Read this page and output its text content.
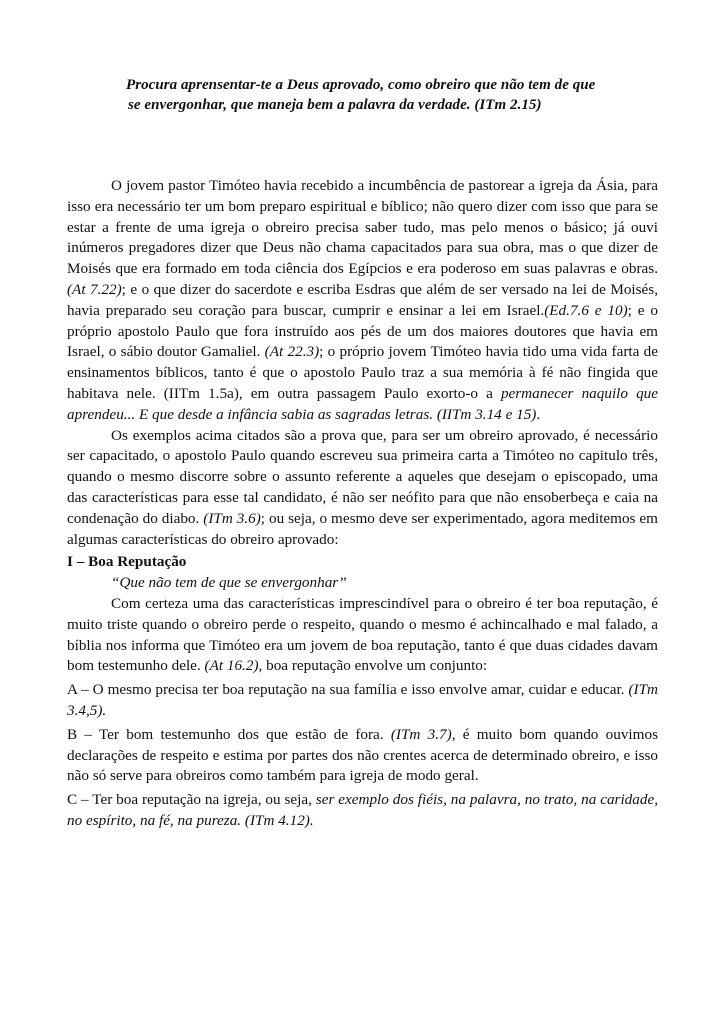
Procura aprensentar-te a Deus aprovado, como obreiro que não tem de que

se envergonhar, que maneja bem a palavra da verdade. (ITm 2.15)

O jovem pastor Timóteo havia recebido a incumbência de pastorear a igreja da Ásia, para isso era necessário ter um bom preparo espiritual e bíblico; não quero dizer com isso que para se estar a frente de uma igreja o obreiro precisa saber tudo, mas pelo menos o básico; já ouvi inúmeros pregadores dizer que Deus não chama capacitados para sua obra, mas o que dizer de Moisés que era formado em toda ciência dos Egípcios e era poderoso em suas palavras e obras. (At 7.22); e o que dizer do sacerdote e escriba Esdras que além de ser versado na lei de Moisés, havia preparado seu coração para buscar, cumprir e ensinar a lei em Israel.(Ed.7.6 e 10); e o próprio apostolo Paulo que fora instruído aos pés de um dos maiores doutores que havia em Israel, o sábio doutor Gamaliel. (At 22.3); o próprio jovem Timóteo havia tido uma vida farta de ensinamentos bíblicos, tanto é que o apostolo Paulo traz a sua memória à fé não fingida que habitava nele. (IITm 1.5a), em outra passagem Paulo exorto-o a permanecer naquilo que aprendeu... E que desde a infância sabia as sagradas letras. (IITm 3.14 e 15).

Os exemplos acima citados são a prova que, para ser um obreiro aprovado, é necessário ser capacitado, o apostolo Paulo quando escreveu sua primeira carta a Timóteo no capitulo três, quando o mesmo discorre sobre o assunto referente a aqueles que desejam o episcopado, uma das características para esse tal candidato, é não ser neófito para que não ensoberbeça e caia na condenação do diabo. (ITm 3.6); ou seja, o mesmo deve ser experimentado, agora meditemos em algumas características do obreiro aprovado:

I – Boa Reputação

“Que não tem de que se envergonhar”

Com certeza uma das características imprescindível para o obreiro é ter boa reputação, é muito triste quando o obreiro perde o respeito, quando o mesmo é achincalhado e mal falado, a bíblia nos informa que Timóteo era um jovem de boa reputação, tanto é que duas cidades davam bom testemunho dele. (At 16.2), boa reputação envolve um conjunto:

A – O mesmo precisa ter boa reputação na sua família e isso envolve amar, cuidar e educar. (ITm 3.4,5).

B – Ter bom testemunho dos que estão de fora. (ITm 3.7), é muito bom quando ouvimos declarações de respeito e estima por partes dos não crentes acerca de determinado obreiro, e isso não só serve para obreiros como também para igreja de modo geral.

C – Ter boa reputação na igreja, ou seja, ser exemplo dos fiéis, na palavra, no trato, na caridade, no espírito, na fé, na pureza. (ITm 4.12).
